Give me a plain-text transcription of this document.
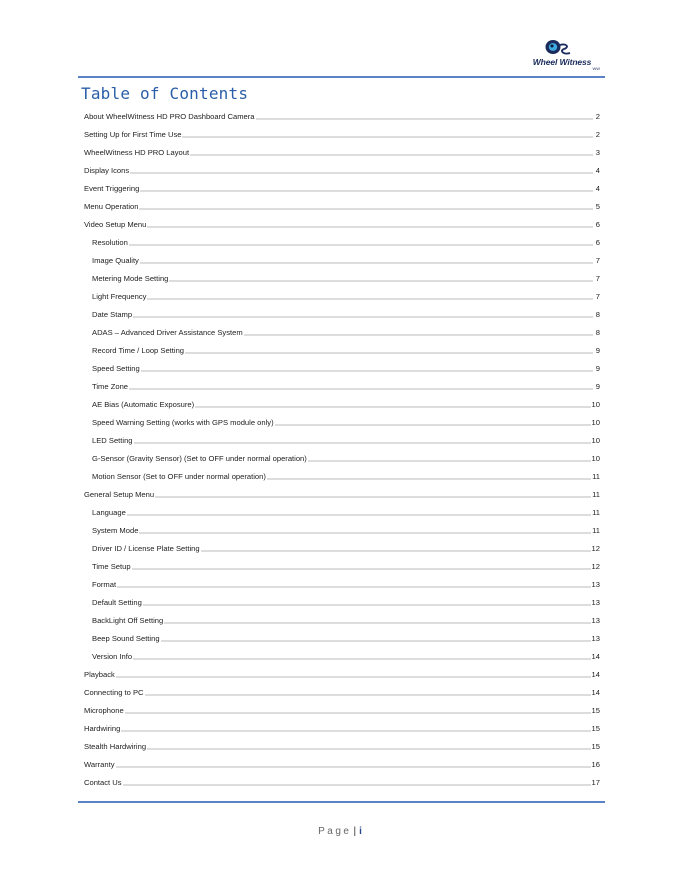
Wheel Witness
WW
Table of Contents
About WheelWitness HD PRO Dashboard Camera	2
Setting Up for First Time Use	2
WheelWitness HD PRO Layout	3
Display Icons	4
Event Triggering	4
Menu Operation	5
Video Setup Menu	6
Resolution	6
Image Quality	7
Metering Mode Setting	7
Light Frequency	7
Date Stamp	8
ADAS – Advanced Driver Assistance System	8
Record Time / Loop Setting	9
Speed Setting	9
Time Zone	9
AE Bias (Automatic Exposure)	10
Speed Warning Setting (works with GPS module only)	10
LED Setting	10
G-Sensor (Gravity Sensor) (Set to OFF under normal operation)	10
Motion Sensor (Set to OFF under normal operation)	11
General Setup Menu	11
Language	11
System Mode	11
Driver ID / License Plate Setting	12
Time Setup	12
Format	13
Default Setting	13
BackLight Off Setting	13
Beep Sound Setting	13
Version Info	14
Playback	14
Connecting to PC	14
Microphone	15
Hardwiring	15
Stealth Hardwiring	15
Warranty	16
Contact Us	17
Page | i
